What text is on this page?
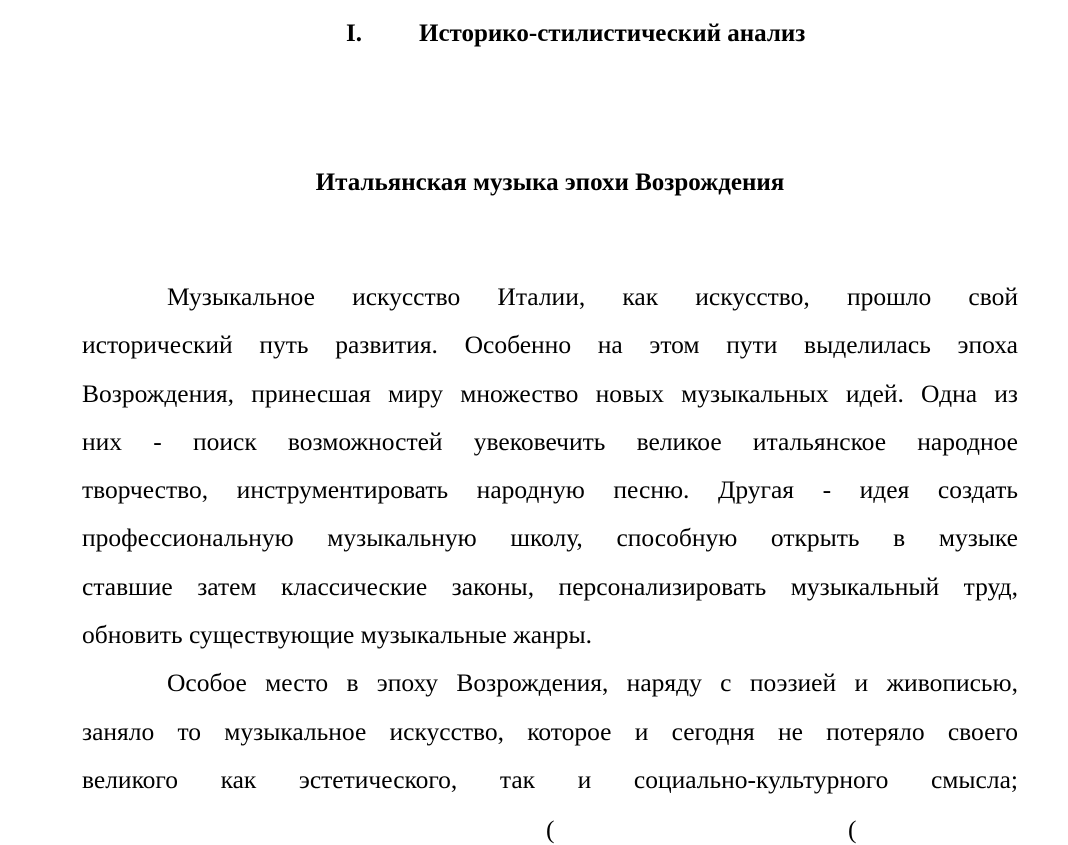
I. Историко-стилистический анализ
Итальянская музыка эпохи Возрождения

Музыкальное искусство Италии, как искусство, прошло свой
исторический путь развития. Особенно на этом пути выделилась эпоха
Возрождения, принесшая миру множество новых музыкальных идей. Одна из
них - поиск возможностей увековечить великое итальянское народное
творчество, инструментировать народную песню. Другая - идея создать
профессиональную музыкальную школу, способную открыть в музыке
ставшие затем классические законы, персонализировать музыкальный труд,
обновить существующие музыкальные жанры.

Особое место в эпоху Возрождения, наряду с поэзией и живописью,
заняло то музыкальное искусство, которое и сегодня не потеряло своего
великого как эстетического, так и социально-культурного смысла;

(	(
